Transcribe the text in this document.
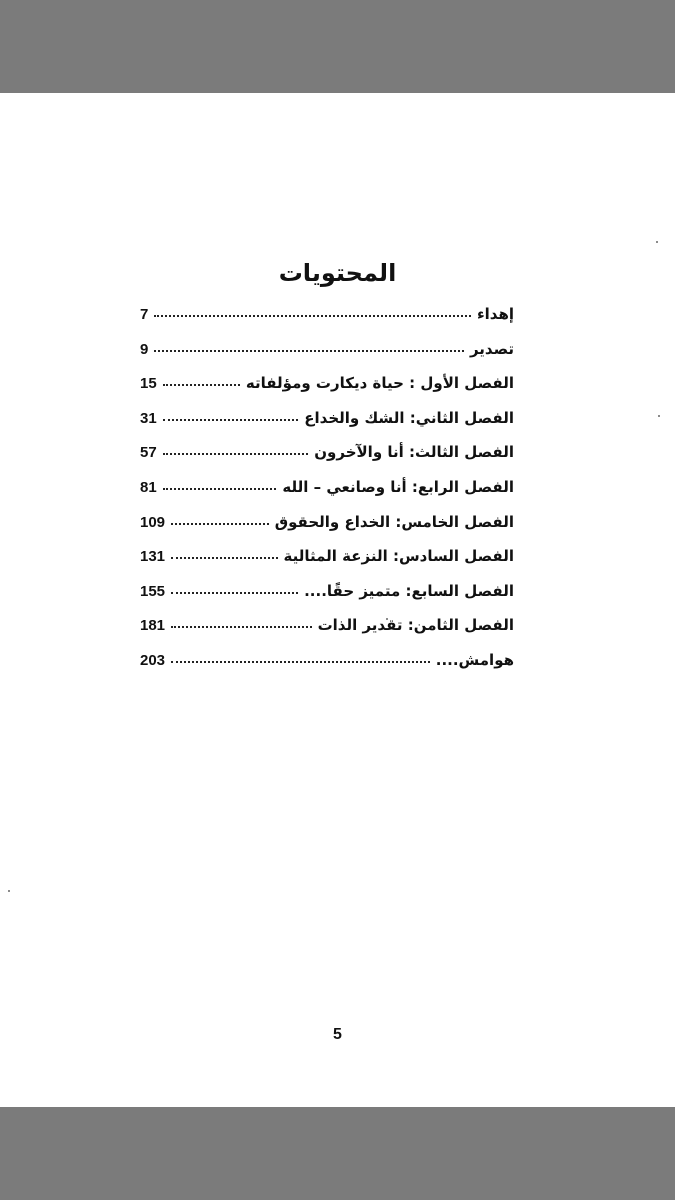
المحتويات
إهداء
7
تصدير
9
الفصل الأول : حياة ديكارت ومؤلفاته
15
الفصل الثاني: الشك والخداع
31
الفصل الثالث: أنا والآخرون
57
الفصل الرابع: أنا وصانعي – الله
81
الفصل الخامس: الخداع والحقوق
109
الفصل السادس: النزعة المثالية
131
الفصل السابع: متميز حقًا....
155
الفصل الثامن: تقدير الذات
181
هوامش....
203
5
